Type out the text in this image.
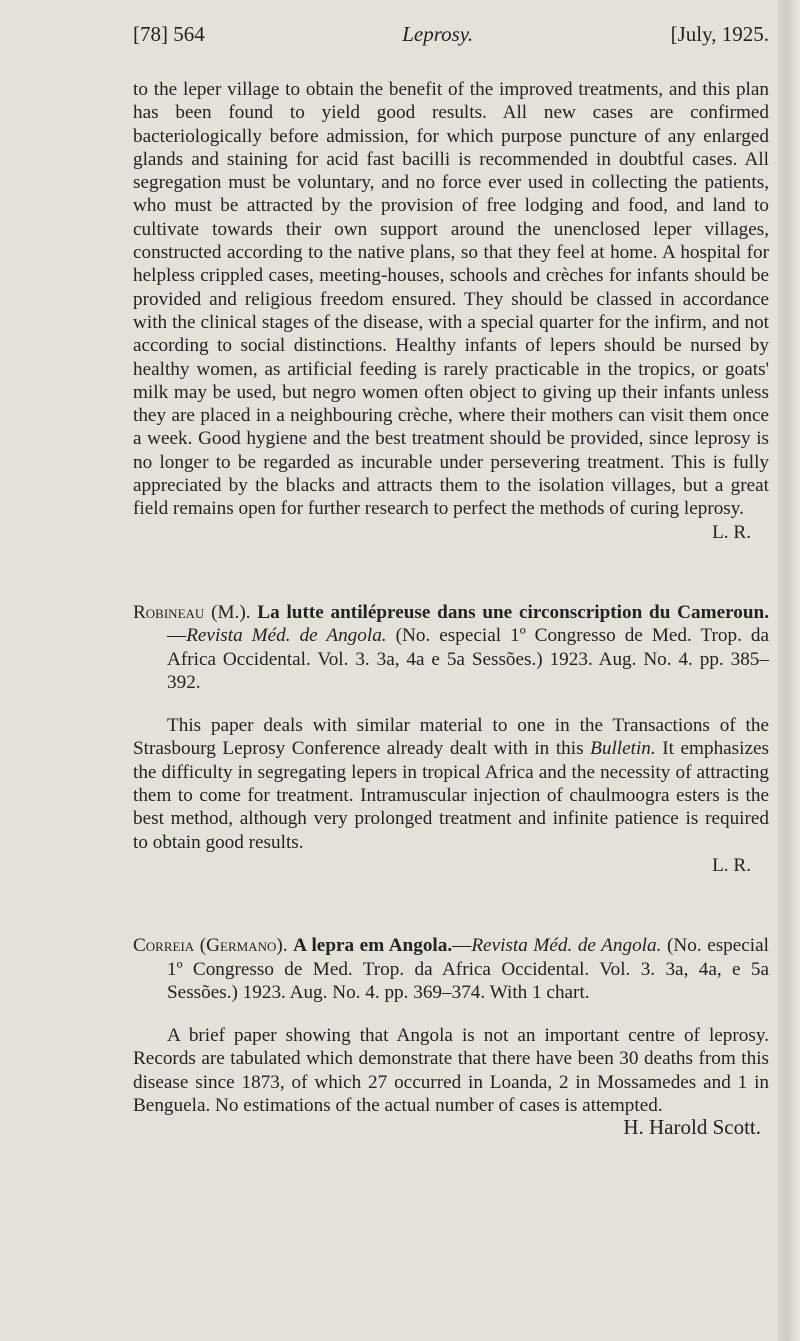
[78] 564	Leprosy.	[July, 1925.

to the leper village to obtain the benefit of the improved treatments, and this plan has been found to yield good results. All new cases are confirmed bacteriologically before admission, for which purpose puncture of any enlarged glands and staining for acid fast bacilli is recommended in doubtful cases. All segregation must be voluntary, and no force ever used in collecting the patients, who must be attracted by the provision of free lodging and food, and land to cultivate towards their own support around the unenclosed leper villages, constructed according to the native plans, so that they feel at home. A hospital for helpless crippled cases, meeting-houses, schools and crèches for infants should be provided and religious freedom ensured. They should be classed in accordance with the clinical stages of the disease, with a special quarter for the infirm, and not according to social distinctions. Healthy infants of lepers should be nursed by healthy women, as artificial feeding is rarely practicable in the tropics, or goats' milk may be used, but negro women often object to giving up their infants unless they are placed in a neighbouring crèche, where their mothers can visit them once a week. Good hygiene and the best treatment should be provided, since leprosy is no longer to be regarded as incurable under persevering treatment. This is fully appreciated by the blacks and attracts them to the isolation villages, but a great field remains open for further research to perfect the methods of curing leprosy.

L. R.

Robineau (M.). La lutte antilépreuse dans une circonscription du Cameroun.—Revista Méd. de Angola. (No. especial 1º Congresso de Med. Trop. da Africa Occidental. Vol. 3. 3a, 4a e 5a Sessões.) 1923. Aug. No. 4. pp. 385–392.

This paper deals with similar material to one in the Transactions of the Strasbourg Leprosy Conference already dealt with in this Bulletin. It emphasizes the difficulty in segregating lepers in tropical Africa and the necessity of attracting them to come for treatment. Intramuscular injection of chaulmoogra esters is the best method, although very prolonged treatment and infinite patience is required to obtain good results.

L. R.

Correia (Germano). A lepra em Angola.—Revista Méd. de Angola. (No. especial 1º Congresso de Med. Trop. da Africa Occidental. Vol. 3. 3a, 4a, e 5a Sessões.) 1923. Aug. No. 4. pp. 369–374. With 1 chart.

A brief paper showing that Angola is not an important centre of leprosy. Records are tabulated which demonstrate that there have been 30 deaths from this disease since 1873, of which 27 occurred in Loanda, 2 in Mossamedes and 1 in Benguela. No estimations of the actual number of cases is attempted.

H. Harold Scott.
